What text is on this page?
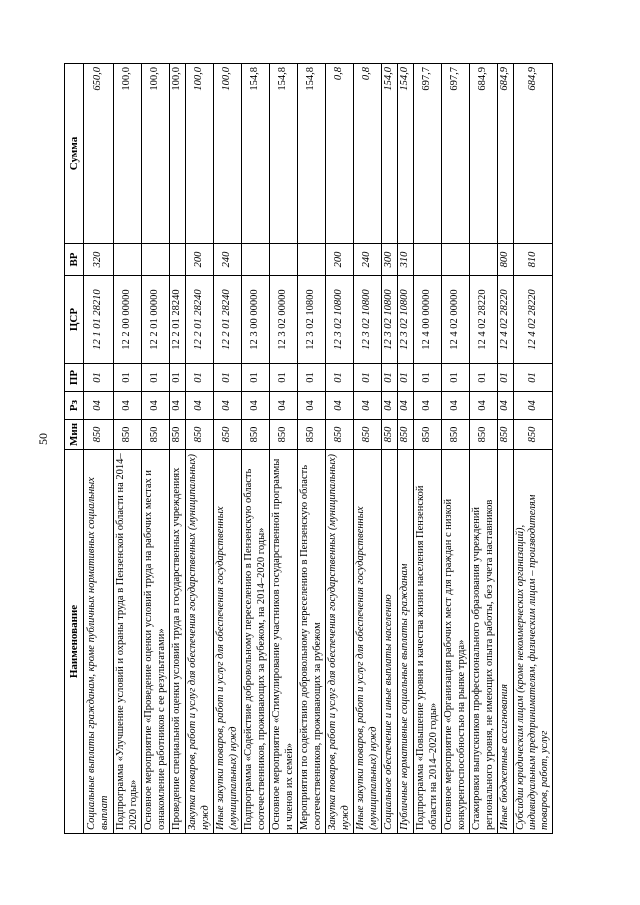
50
Наименование	Мин	Рз	ПР	ЦСР	ВР	Сумма
Социальные выплаты гражданам, кроме публичных нормативных социальных выплат	850	04	01	12 1 01 28210	320	650,0
Подпрограмма «Улучшение условий и охраны труда в Пензенской области на 2014–2020 годы»	850	04	01	12 2 00 00000		100,0
Основное мероприятие «Проведение оценки условий труда на рабочих местах и ознакомление работников с ее результатами»	850	04	01	12 2 01 00000		100,0
Проведение специальной оценки условий труда в государственных учреждениях	850	04	01	12 2 01 28240		100,0
Закупка товаров, работ и услуг для обеспечения государственных (муниципальных) нужд	850	04	01	12 2 01 28240	200	100,0
Иные закупки товаров, работ и услуг для обеспечения государственных (муниципальных) нужд	850	04	01	12 2 01 28240	240	100,0
Подпрограмма «Содействие добровольному переселению в Пензенскую область соотечественников, проживающих за рубежом, на 2014–2020 годы»	850	04	01	12 3 00 00000		154,8
Основное мероприятие «Стимулирование участников государственной программы и членов их семей»	850	04	01	12 3 02 00000		154,8
Мероприятия по содействию добровольному переселению в Пензенскую область соотечественников, проживающих за рубежом	850	04	01	12 3 02 10800		154,8
Закупка товаров, работ и услуг для обеспечения государственных (муниципальных) нужд	850	04	01	12 3 02 10800	200	0,8
Иные закупки товаров, работ и услуг для обеспечения государственных (муниципальных) нужд	850	04	01	12 3 02 10800	240	0,8
Социальное обеспечение и иные выплаты населению	850	04	01	12 3 02 10800	300	154,0
Публичные нормативные социальные выплаты гражданам	850	04	01	12 3 02 10800	310	154,0
Подпрограмма «Повышение уровня и качества жизни населения Пензенской области на 2014–2020 годы»	850	04	01	12 4 00 00000		697,7
Основное мероприятие «Организация рабочих мест для граждан с низкой конкурентоспособностью на рынке труда»	850	04	01	12 4 02 00000		697,7
Стажировки выпускников профессионального образования учреждений регионального уровня, не имеющих опыта работы, без учета наставников	850	04	01	12 4 02 28220		684,9
Иные бюджетные ассигнования	850	04	01	12 4 02 28220	800	684,9
Субсидии юридическим лицам (кроме некоммерческих организаций), индивидуальным предпринимателям, физическим лицам – производителям товаров, работ, услуг	850	04	01	12 4 02 28220	810	684,9
